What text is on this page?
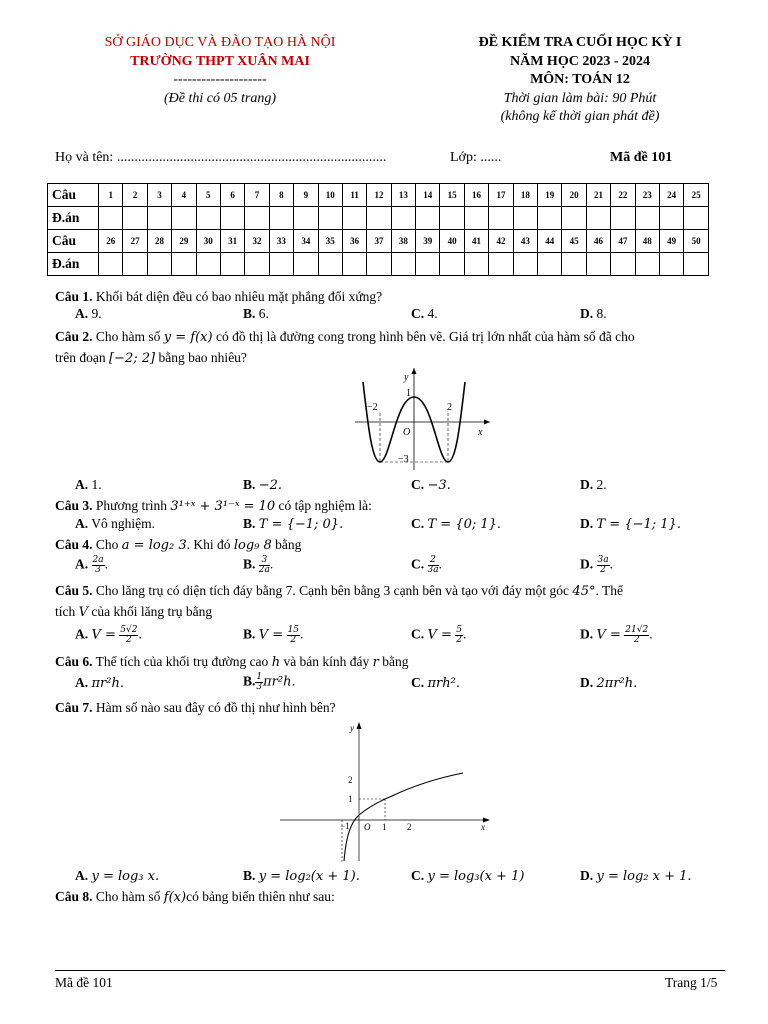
SỞ GIÁO DỤC VÀ ĐÀO TẠO HÀ NỘI
TRƯỜNG THPT XUÂN MAI
--------------------
(Đề thi có 05 trang)
ĐỀ KIỂM TRA CUỐI HỌC KỲ I
NĂM HỌC 2023 - 2024
MÔN: TOÁN 12
Thời gian làm bài: 90 Phút
(không kể thời gian phát đề)
Họ và tên: .............................................................................	Lớp: ......	Mã đề 101
Câu	1	2	3	4	5	6	7	8	9	10	11	12	13	14	15	16	17	18	19	20	21	22	23	24	25
Đ.án																									
Câu	26	27	28	29	30	31	32	33	34	35	36	37	38	39	40	41	42	43	44	45	46	47	48	49	50
Đ.án																									
Câu 1. Khối bát diện đều có bao nhiêu mặt phẳng đối xứng?
A. 9.	B. 6.	C. 4.	D. 8.
Câu 2. Cho hàm số y = f(x) có đồ thị là đường cong trong hình bên vẽ. Giá trị lớn nhất của hàm số đã cho
trên đoạn [−2; 2] bằng bao nhiêu?
y
x
O
1
−2	2
−3
A. 1.	B. −2.	C. −3.	D. 2.
Câu 3. Phương trình 3¹⁺ˣ + 3¹⁻ˣ = 10 có tập nghiệm là:
A. Vô nghiệm.	B. T = {−1; 0}.	C. T = {0; 1}.	D. T = {−1; 1}.
Câu 4. Cho a = log₂ 3. Khi đó log₉ 8 bằng
A. $\frac{2a}{3}$ .	B. $\frac{3}{2a}$ .	C. $\frac{2}{3a}$ .	D. $\frac{3a}{2}$ .
Câu 5. Cho lăng trụ có diện tích đáy bằng 7. Cạnh bên bằng 3 cạnh bên và tạo với đáy một góc 45°. Thể
tích V của khối lăng trụ bằng
A. $V = \frac{5√2}{2}$ .	B. $V = \frac{15}{2}$ .	C. $V = \frac{5}{2}$ .	D. $V = \frac{21√2}{2}$ .
Câu 6. Thể tích của khối trụ đường cao h và bán kính đáy r bằng
A. πr²h.	B. $\frac{1}{3} \pi r^2h$.	C. πrh².	D. 2πr²h.
Câu 7. Hàm số nào sau đây có đồ thị như hình bên?
y
x
O
2
1
−1	1 2
A. y = log₃ x.	B. y = log₂(x + 1).	C. y = log₃(x + 1)	D. y = log₂ x + 1.
Câu 8. Cho hàm số f(x)có bảng biến thiên như sau:
Mã đề 101	Trang 1/5
